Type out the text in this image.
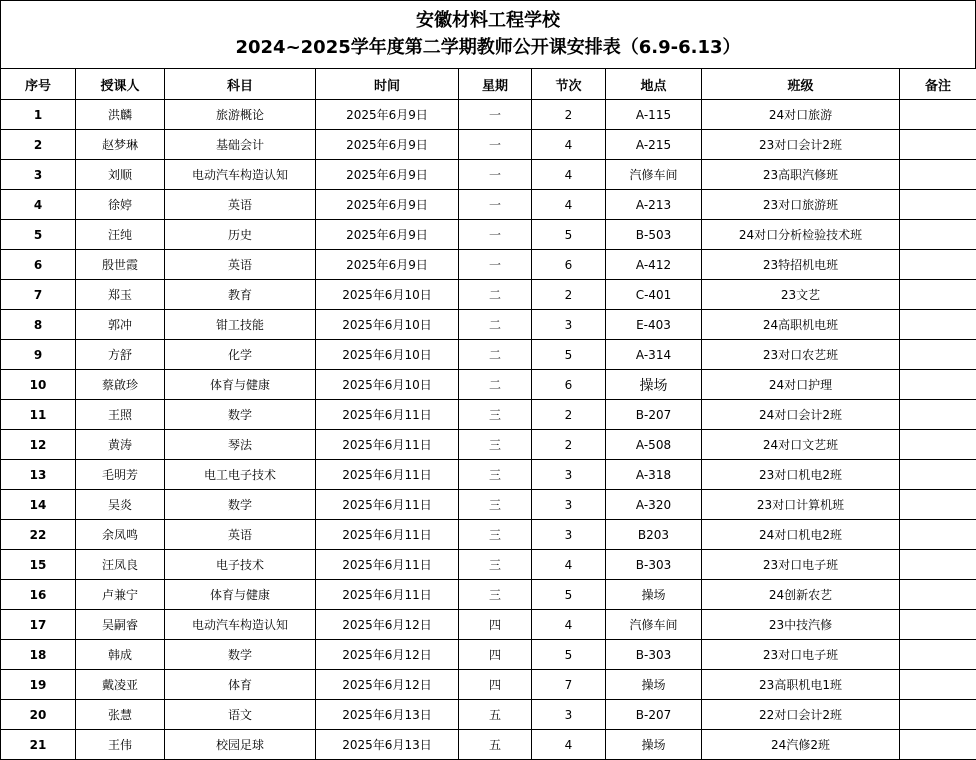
安徽材料工程学校
2024~2025学年度第二学期教师公开课安排表（6.9-6.13）
序号	授课人	科目	时间	星期	节次	地点	班级	备注
1	洪麟	旅游概论	2025年6月9日	一	2	A-115	24对口旅游	
2	赵梦琳	基础会计	2025年6月9日	一	4	A-215	23对口会计2班	
3	刘顺	电动汽车构造认知	2025年6月9日	一	4	汽修车间	23高职汽修班	
4	徐婷	英语	2025年6月9日	一	4	A-213	23对口旅游班	
5	汪纯	历史	2025年6月9日	一	5	B-503	24对口分析检验技术班	
6	殷世霞	英语	2025年6月9日	一	6	A-412	23特招机电班	
7	郑玉	教育	2025年6月10日	二	2	C-401	23文艺	
8	郭冲	钳工技能	2025年6月10日	二	3	E-403	24高职机电班	
9	方舒	化学	2025年6月10日	二	5	A-314	23对口农艺班	
10	蔡啟珍	体育与健康	2025年6月10日	二	6	操场	24对口护理	
11	王照	数学	2025年6月11日	三	2	B-207	24对口会计2班	
12	黄涛	琴法	2025年6月11日	三	2	A-508	24对口文艺班	
13	毛明芳	电工电子技术	2025年6月11日	三	3	A-318	23对口机电2班	
14	吴炎	数学	2025年6月11日	三	3	A-320	23对口计算机班	
22	余凤鸣	英语	2025年6月11日	三	3	B203	24对口机电2班	
15	汪凤良	电子技术	2025年6月11日	三	4	B-303	23对口电子班	
16	卢兼宁	体育与健康	2025年6月11日	三	5	操场	24创新农艺	
17	吴嗣睿	电动汽车构造认知	2025年6月12日	四	4	汽修车间	23中技汽修	
18	韩成	数学	2025年6月12日	四	5	B-303	23对口电子班	
19	戴凌亚	体育	2025年6月12日	四	7	操场	23高职机电1班	
20	张慧	语文	2025年6月13日	五	3	B-207	22对口会计2班	
21	王伟	校园足球	2025年6月13日	五	4	操场	24汽修2班	
